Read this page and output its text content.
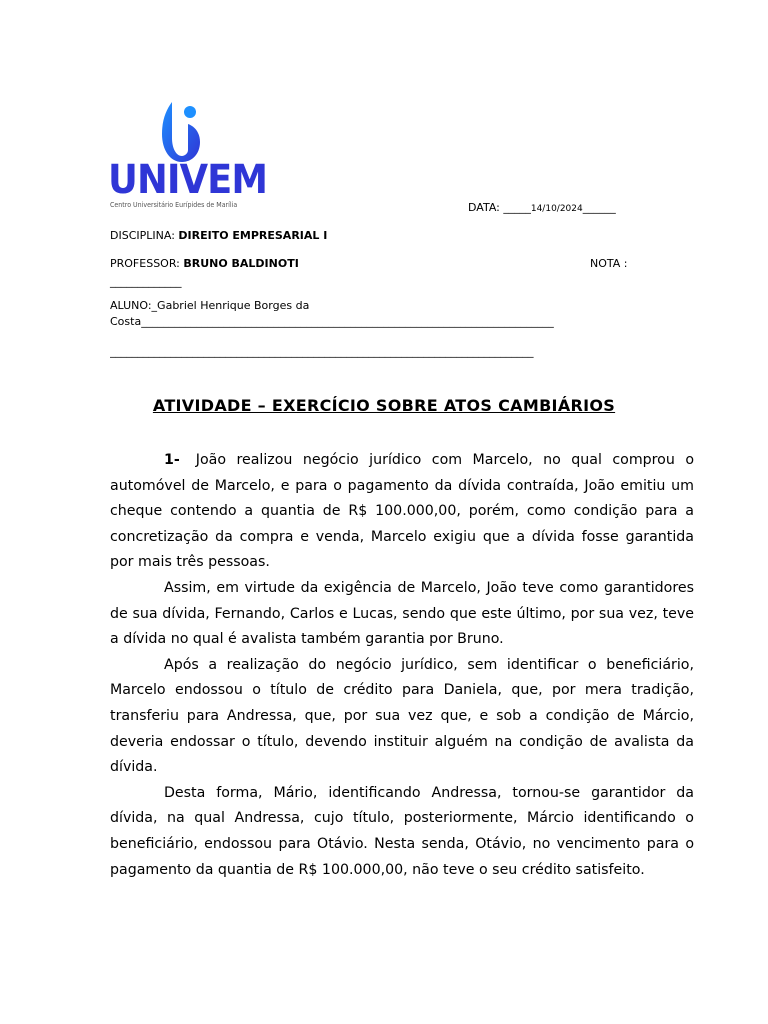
UNIVEM
Centro Universitário Eurípides de Marília	DATA: _____14/10/2024______
DISCIPLINA: DIREITO EMPRESARIAL I
PROFESSOR: BRUNO BALDINOTI	NOTA :
_____________
ALUNO:_Gabriel Henrique Borges da
Costa___________________________________________________________________________
_____________________________________________________________________________
ATIVIDADE – EXERCÍCIO SOBRE ATOS CAMBIÁRIOS

1- João realizou negócio jurídico com Marcelo, no qual comprou o automóvel de Marcelo, e para o pagamento da dívida contraída, João emitiu um cheque contendo a quantia de R$ 100.000,00, porém, como condição para a concretização da compra e venda, Marcelo exigiu que a dívida fosse garantida por mais três pessoas.

Assim, em virtude da exigência de Marcelo, João teve como garantidores de sua dívida, Fernando, Carlos e Lucas, sendo que este último, por sua vez, teve a dívida no qual é avalista também garantia por Bruno.

Após a realização do negócio jurídico, sem identificar o beneficiário, Marcelo endossou o título de crédito para Daniela, que, por mera tradição, transferiu para Andressa, que, por sua vez que, e sob a condição de Márcio, deveria endossar o título, devendo instituir alguém na condição de avalista da dívida.

Desta forma, Mário, identificando Andressa, tornou-se garantidor da dívida, na qual Andressa, cujo título, posteriormente, Márcio identificando o beneficiário, endossou para Otávio. Nesta senda, Otávio, no vencimento para o pagamento da quantia de R$ 100.000,00, não teve o seu crédito satisfeito.
